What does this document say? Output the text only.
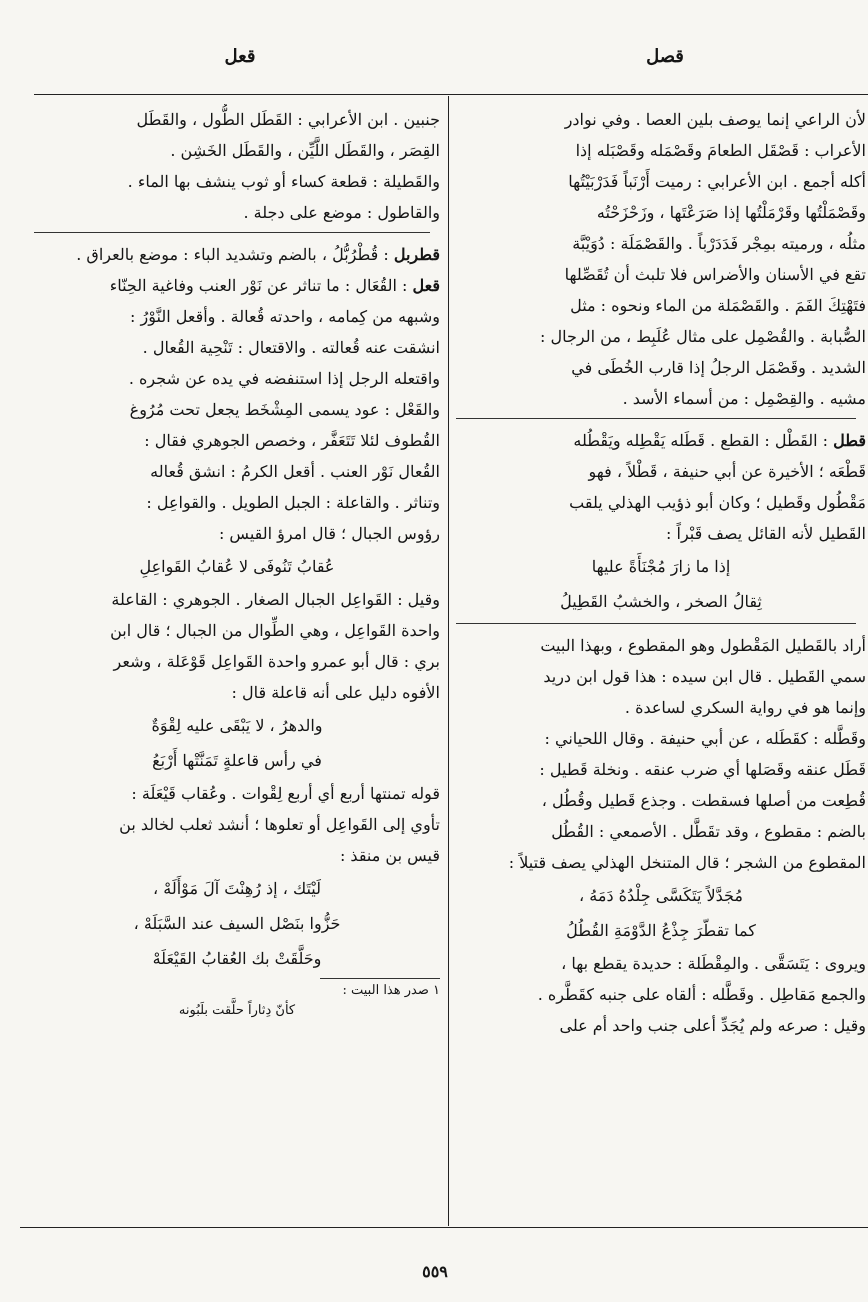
قصل
قعل
لأن الراعي إنما يوصف بلين العصا . وفي نوادر
الأعراب : قَصْقَل الطعامَ وقَصْمَله وقَصْبَله إذا
أكله أجمع . ابن الأعرابي : رميت أَرْنَباً فَدَرْبَيْتُها
وقَصْمَلْتُها وقَرْمَلْتُها إذا صَرَعْتَها ، وزَحْزَحْتُه
مثلُه ، ورميته بمِجْر فَدَدَرْباً . والقَصْمَلَة : دُوَيْبَّة
تقع في الأسنان والأضراس فلا تلبث أن تُقَصِّلها
فتَهْتِكَ الفَمَ . والقَصْمَلة من الماء ونحوه : مثل
الصُّبابة . والقُصْمِل على مثال عُلَبِط ، من الرجال :
الشديد . وقَصْمَل الرجلُ إذا قارب الخُطَى في
مشيه . والقِصْمِل : من أسماء الأسد .
قطل : القَطْل : القطع . قَطَله يَقْطِله ويَقْطُله
قَطْعَه ؛ الأخيرة عن أبي حنيفة ، قَطْلاً ، فهو
مَقْطُول وقَطيل ؛ وكان أبو ذؤيب الهذلي يلقب
القَطيل لأنه القائل يصف قَبْراً :
إذا ما زارَ مُجْنَأَةً عليها
ثِقالُ الصخر ، والخشبُ القَطِيلُ
أراد بالقَطيل المَقْطول وهو المقطوع ، وبهذا البيت
سمي القَطيل . قال ابن سيده : هذا قول ابن دريد
وإنما هو في رواية السكري لساعدة .
وقَطَّله : كقَطَله ، عن أبي حنيفة . وقال اللحياني :
قَطَل عنقه وقَصَلها أي ضرب عنقه . ونخلة قَطيل :
قُطِعت من أصلها فسقطت . وجذع قَطيل وقُطُل ،
بالضم : مقطوع ، وقد تقَطَّل . الأصمعي : القُطُل
المقطوع من الشجر ؛ قال المتنخل الهذلي يصف قتيلاً :
مُجَدَّلاً يَتَكَسَّى جِلْدُهُ دَمَهُ ،
كما تقطّرَ جِذْعُ الدَّوْمَةِ القُطُلُ
ويروى : يَتَسَقَّى . والمِقْطَلة : حديدة يقطع بها ،
والجمع مَقاطِل . وقَطَّله : ألقاه على جنبه كقَطَّره .
وقيل : صرعه ولم يُجَدِّ أعلى جنب واحد أم على
جنبين . ابن الأعرابي : القَطَل الطُّول ، والقَطَل
القِصَر ، والقَطَل اللَّيِّن ، والقَطَل الخَشِن .
والقَطيلة : قطعة كساء أو ثوب ينشف بها الماء .
والقاطول : موضع على دجلة .
قطربل : قُطْرُبُّلُ ، بالضم وتشديد الباء : موضع بالعراق .
قعل : القُعَال : ما تناثر عن نَوْر العنب وفاغية الحِنّاء
وشبهه من كِمامه ، واحدته قُعالة . وأقعل النَّوْرُ :
انشقت عنه قُعالته . والاقتعال : تَنْحِية القُعال .
واقتعله الرجل إذا استنفضه في يده عن شجره .
والقَعْل : عود يسمى المِشْخَط يجعل تحت مُرُوغ
القُطوف لئلا تَتَعَفَّر ، وخصص الجوهري فقال :
القُعال نَوْر العنب . أقعل الكرمُ : انشق قُعاله
وتناثر . والقاعلة : الجبل الطويل . والقواعِل :
رؤوس الجبال ؛ قال امرؤ القيس :
عُقابُ تَنُوفَى لا عُقابُ القَواعِلِ
وقيل : القَواعِل الجبال الصغار . الجوهري : القاعلة
واحدة القَواعِل ، وهي الطِّوال من الجبال ؛ قال ابن
بري : قال أبو عمرو واحدة القَواعِل قَوْعَلة ، وشعر
الأفوه دليل على أنه قاعلة قال :
والدهرُ ، لا يَبْقَى عليه لِقْوَةٌ
في رأس قاعلةٍ تَمَنَّتْها أَرْبَعُ
قوله تمنتها أربع أي أربع لِقْوات . وعُقاب قَيْعَلَة :
تأوي إلى القَواعِل أو تعلوها ؛ أنشد ثعلب لخالد بن
قيس بن منقذ :
لَيْتَك ، إذ رُهِنْتَ آلَ مَوْأَلَهْ ،
حَزُّوا بنَصْل السيف عند السَّبَلَهْ ،
وحَلَّقَتْ بك العُقابُ القَيْعَلَهْ
١ صدر هذا البيت :
كأنّ دِثاراً حلَّقت بلَبُونه
٥٥٩
